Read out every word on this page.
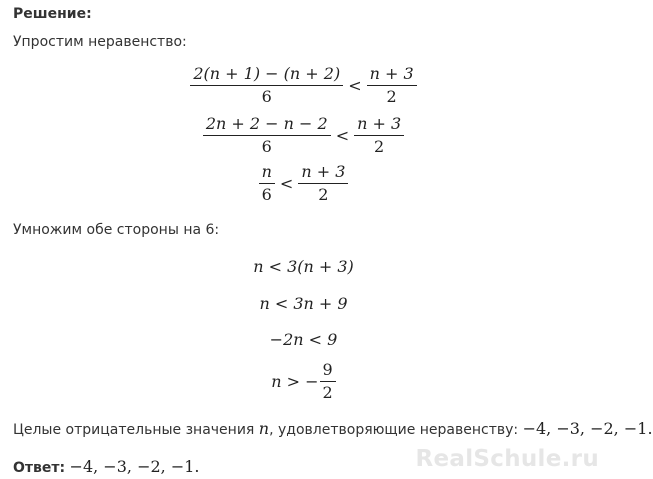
Решение:
Упростим неравенство:
$\frac{2(n + 1) - (n + 2)}{6} < \frac{n + 3}{2}$
$\frac{2n + 2 - n - 2}{6} < \frac{n + 3}{2}$
$\frac{n}{6} < \frac{n + 3}{2}$
Умножим обе стороны на 6:
n < 3(n + 3)
n < 3n + 9
−2n < 9
n > − $\frac{9}{2}$
Целые отрицательные значения n, удовлетворяющие неравенству: −4, −3, −2, −1.
Ответ: −4, −3, −2, −1.	RealSchule.ru
